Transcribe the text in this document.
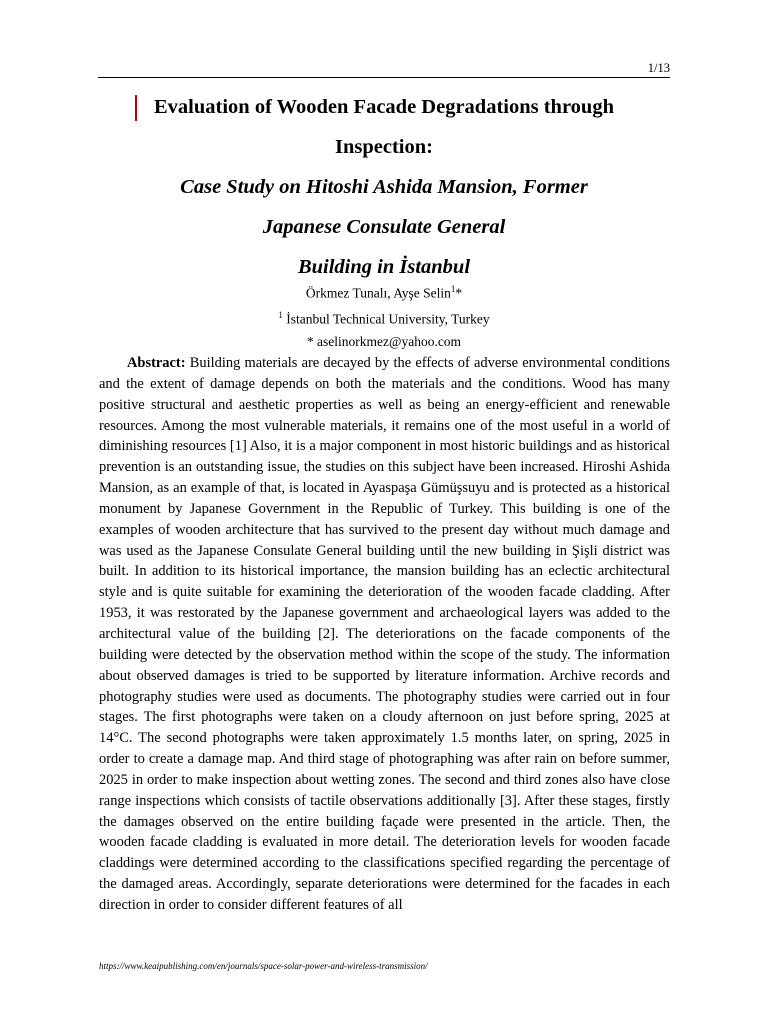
1/13
Evaluation of Wooden Facade Degradations through
Inspection:
Case Study on Hitoshi Ashida Mansion, Former
Japanese Consulate General
Building in İstanbul
Örkmez Tunalı, Ayşe Selin$^1$*
$^1$ İstanbul Technical University, Turkey
* aselinorkmez@yahoo.com
Abstract: Building materials are decayed by the effects of adverse environmental conditions and the extent of damage depends on both the materials and the conditions. Wood has many positive structural and aesthetic properties as well as being an energy-efficient and renewable resources. Among the most vulnerable materials, it remains one of the most useful in a world of diminishing resources [1] Also, it is a major component in most historic buildings and as historical prevention is an outstanding issue, the studies on this subject have been increased. Hiroshi Ashida Mansion, as an example of that, is located in Ayaspaşa Gümüşsuyu and is protected as a historical monument by Japanese Government in the Republic of Turkey. This building is one of the examples of wooden architecture that has survived to the present day without much damage and was used as the Japanese Consulate General building until the new building in Şişli district was built. In addition to its historical importance, the mansion building has an eclectic architectural style and is quite suitable for examining the deterioration of the wooden facade cladding. After 1953, it was restorated by the Japanese government and archaeological layers was added to the architectural value of the building [2]. The deteriorations on the facade components of the building were detected by the observation method within the scope of the study. The information about observed damages is tried to be supported by literature information. Archive records and photography studies were used as documents. The photography studies were carried out in four stages. The first photographs were taken on a cloudy afternoon on just before spring, 2025 at 14°C. The second photographs were taken approximately 1.5 months later, on spring, 2025 in order to create a damage map. And third stage of photographing was after rain on before summer, 2025 in order to make inspection about wetting zones. The second and third zones also have close range inspections which consists of tactile observations additionally [3]. After these stages, firstly the damages observed on the entire building façade were presented in the article. Then, the wooden facade cladding is evaluated in more detail. The deterioration levels for wooden facade claddings were determined according to the classifications specified regarding the percentage of the damaged areas. Accordingly, separate deteriorations were determined for the facades in each direction in order to consider different features of all
https://www.keaipublishing.com/en/journals/space-solar-power-and-wireless-transmission/
